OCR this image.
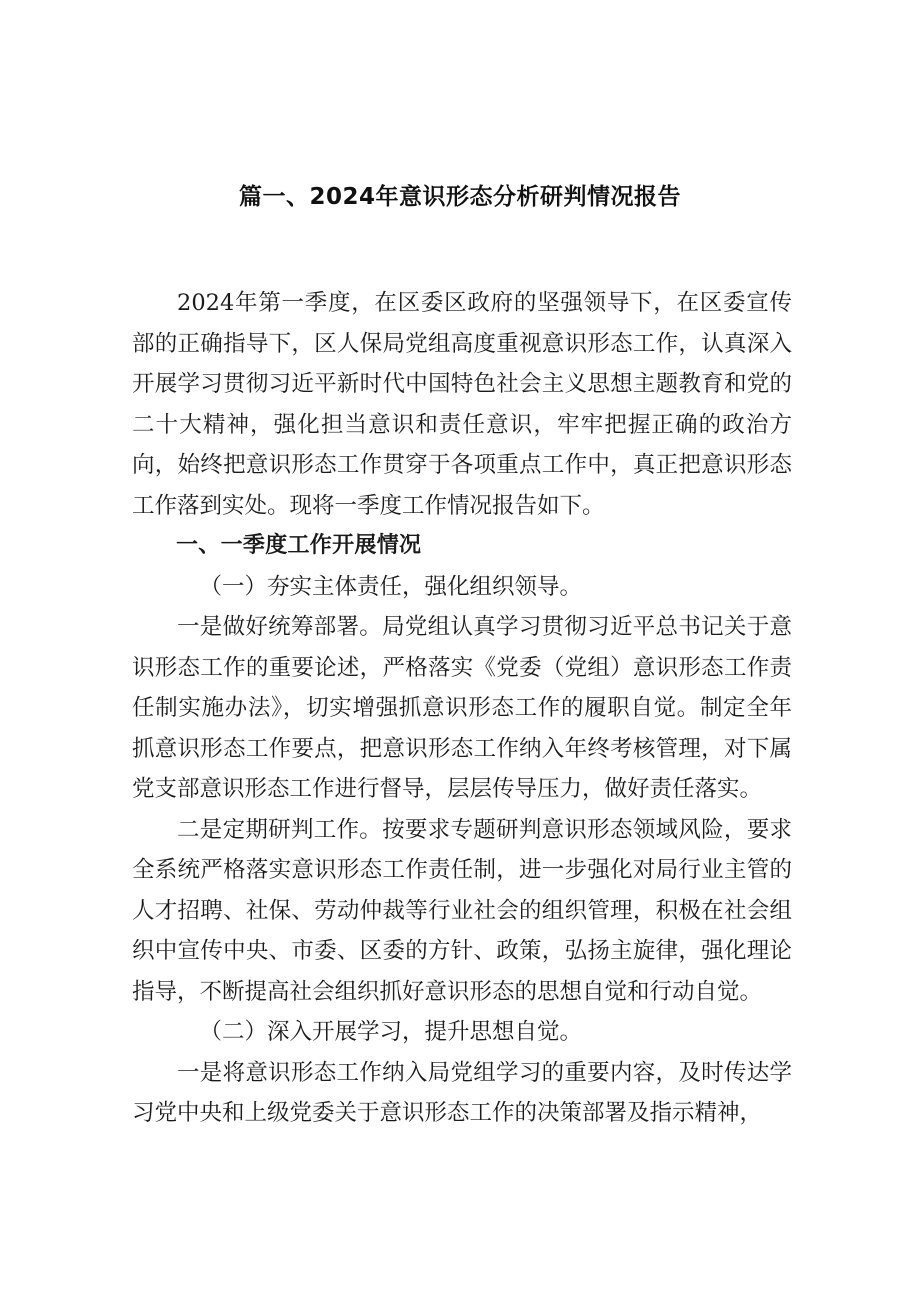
篇一、2024年意识形态分析研判情况报告

2024年第一季度，在区委区政府的坚强领导下，在区委宣传部的正确指导下，区人保局党组高度重视意识形态工作，认真深入开展学习贯彻习近平新时代中国特色社会主义思想主题教育和党的二十大精神，强化担当意识和责任意识，牢牢把握正确的政治方向，始终把意识形态工作贯穿于各项重点工作中，真正把意识形态工作落到实处。现将一季度工作情况报告如下。

一、一季度工作开展情况

（一）夯实主体责任，强化组织领导。

一是做好统筹部署。局党组认真学习贯彻习近平总书记关于意识形态工作的重要论述，严格落实《党委（党组）意识形态工作责任制实施办法》，切实增强抓意识形态工作的履职自觉。制定全年抓意识形态工作要点，把意识形态工作纳入年终考核管理，对下属党支部意识形态工作进行督导，层层传导压力，做好责任落实。

二是定期研判工作。按要求专题研判意识形态领域风险，要求全系统严格落实意识形态工作责任制，进一步强化对局行业主管的人才招聘、社保、劳动仲裁等行业社会的组织管理，积极在社会组织中宣传中央、市委、区委的方针、政策，弘扬主旋律，强化理论指导，不断提高社会组织抓好意识形态的思想自觉和行动自觉。

（二）深入开展学习，提升思想自觉。

一是将意识形态工作纳入局党组学习的重要内容，及时传达学习党中央和上级党委关于意识形态工作的决策部署及指示精神，
